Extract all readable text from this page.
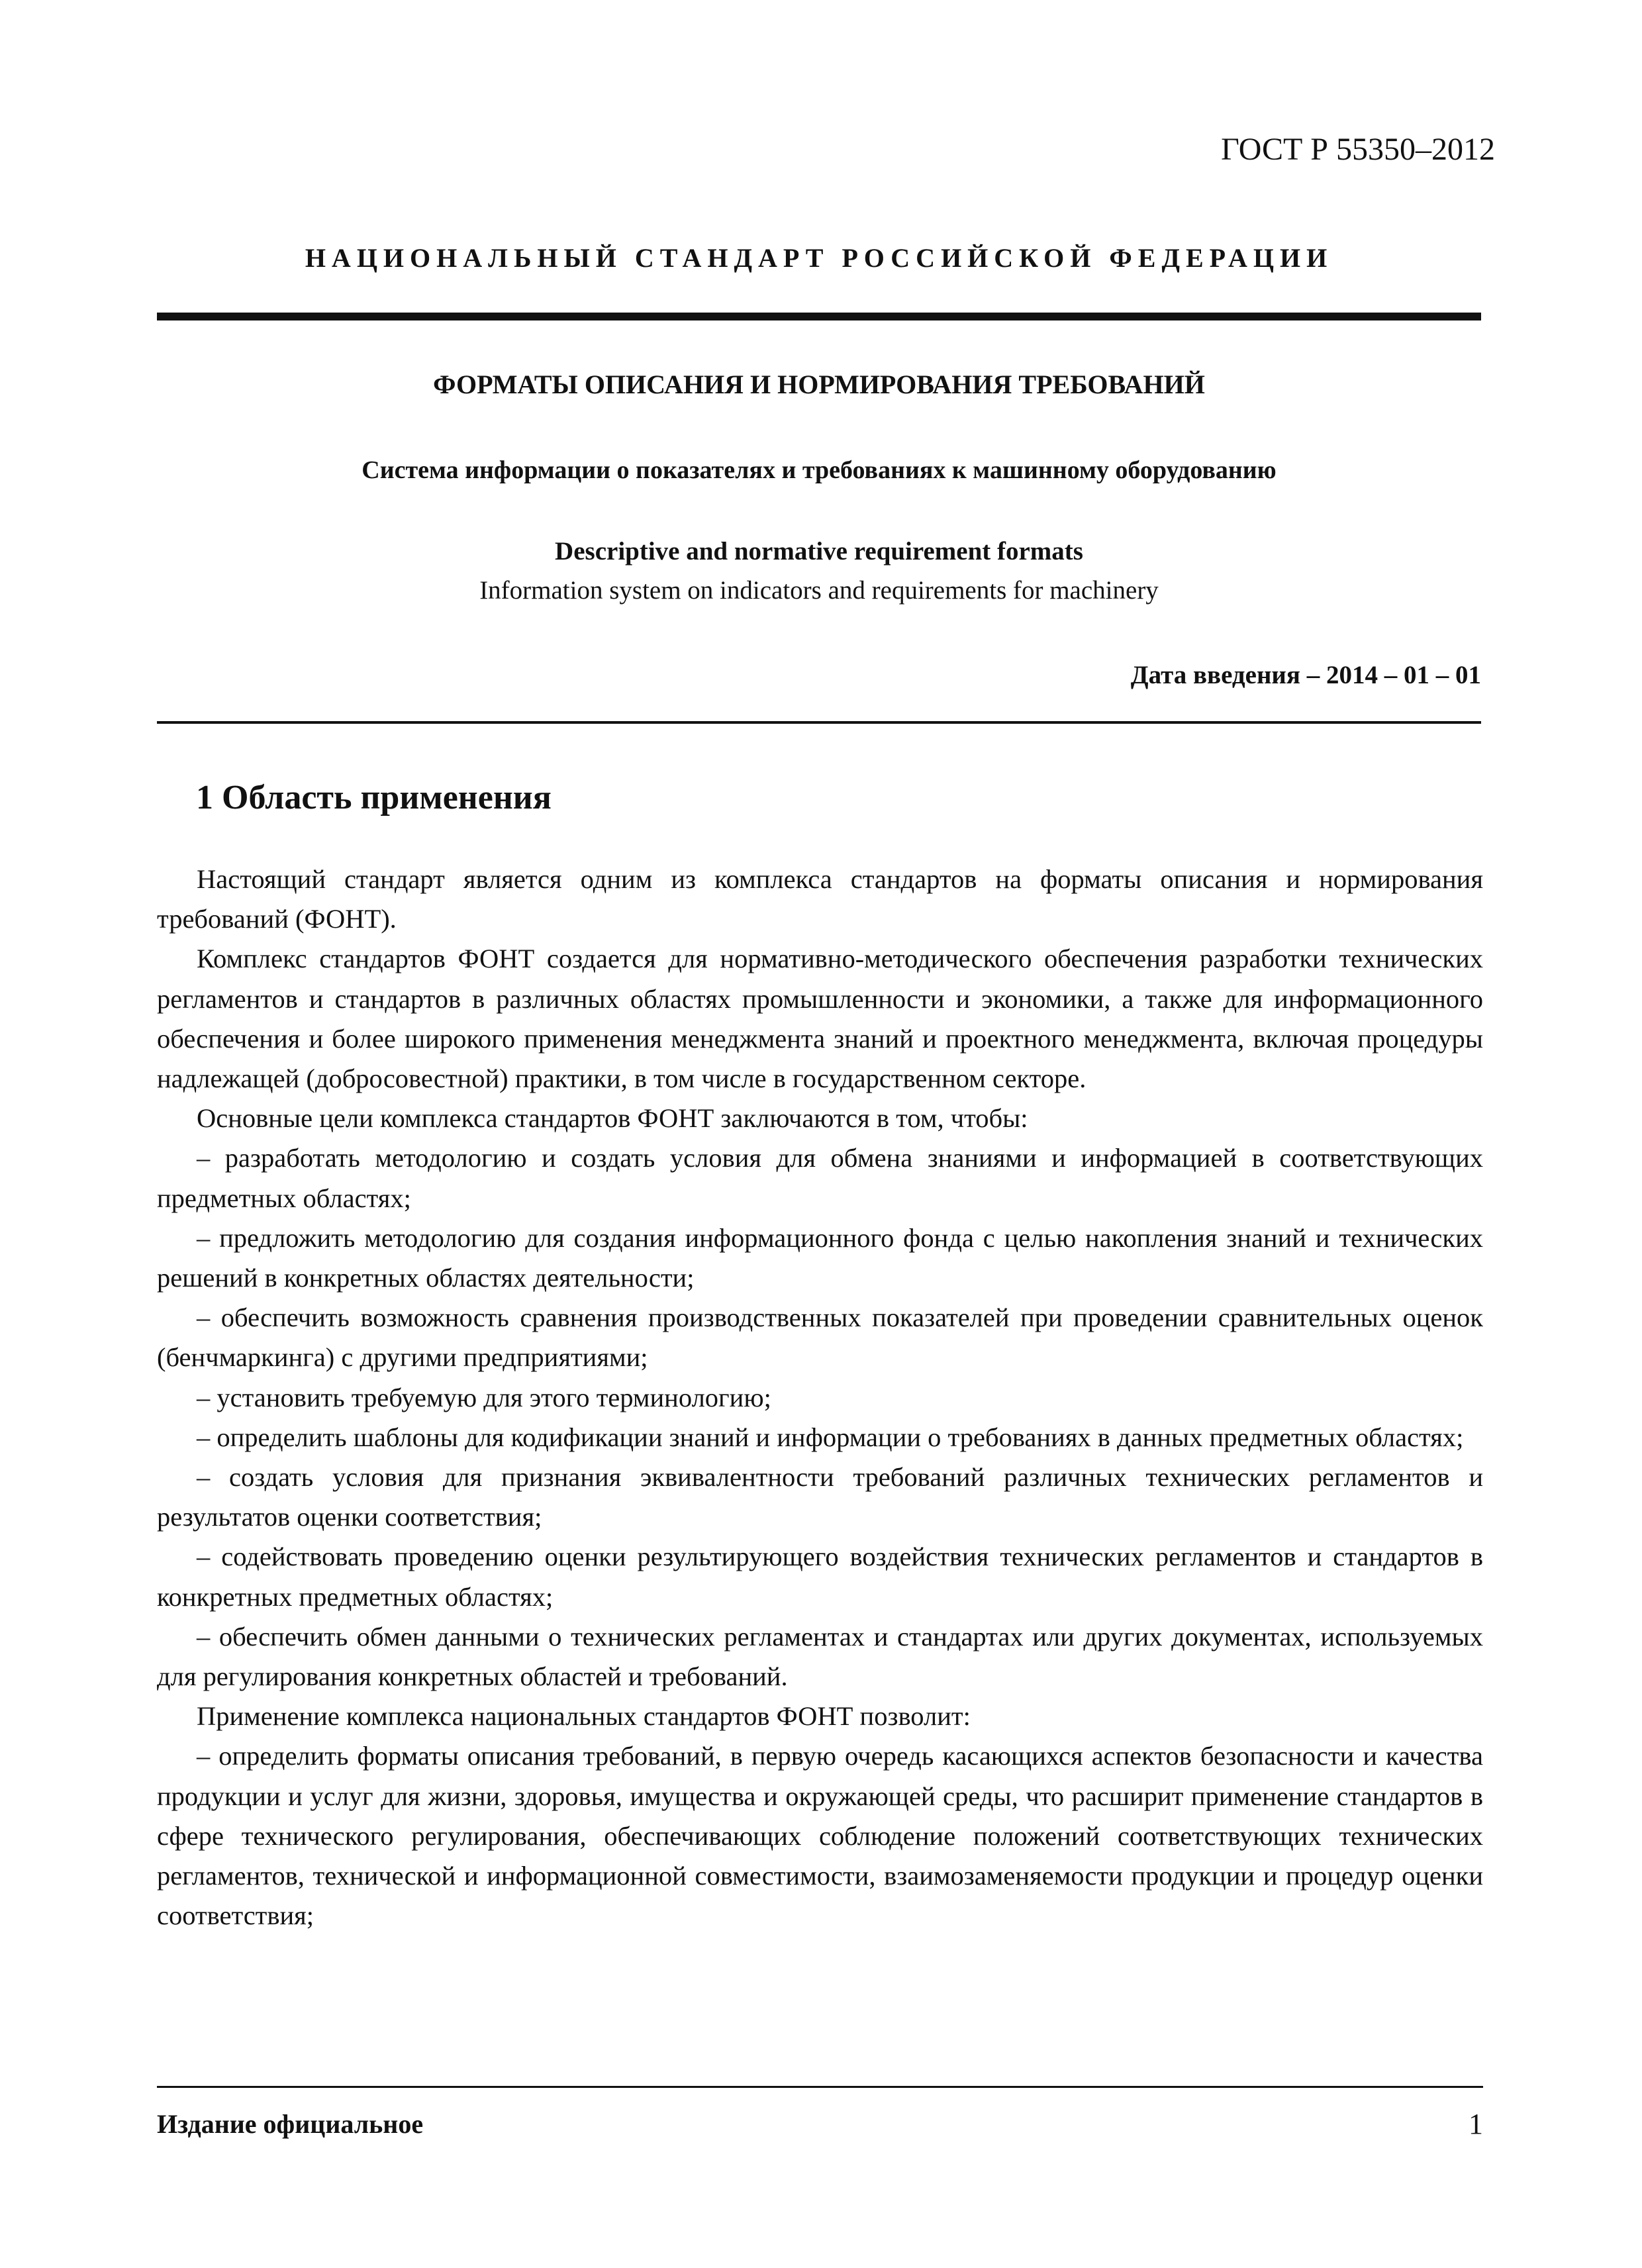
ГОСТ Р 55350–2012
НАЦИОНАЛЬНЫЙ СТАНДАРТ РОССИЙСКОЙ ФЕДЕРАЦИИ
ФОРМАТЫ ОПИСАНИЯ И НОРМИРОВАНИЯ ТРЕБОВАНИЙ
Система информации о показателях и требованиях к машинному оборудованию
Descriptive and normative requirement formats
Information system on indicators and requirements for machinery
Дата введения – 2014 – 01 – 01
1 Область применения

Настоящий стандарт является одним из комплекса стандартов на форматы описания и нормирования требований (ФОНТ).

Комплекс стандартов ФОНТ создается для нормативно-методического обеспечения разработки технических регламентов и стандартов в различных областях промышленности и экономики, а также для информационного обеспечения и более широкого применения менеджмента знаний и проектного менеджмента, включая процедуры надлежащей (добросовестной) практики, в том числе в государственном секторе.

Основные цели комплекса стандартов ФОНТ заключаются в том, чтобы:

– разработать методологию и создать условия для обмена знаниями и информацией в соответствующих предметных областях;

– предложить методологию для создания информационного фонда с целью накопления знаний и технических решений в конкретных областях деятельности;

– обеспечить возможность сравнения производственных показателей при проведении сравнительных оценок (бенчмаркинга) с другими предприятиями;

– установить требуемую для этого терминологию;

– определить шаблоны для кодификации знаний и информации о требованиях в данных предметных областях;

– создать условия для признания эквивалентности требований различных технических регламентов и результатов оценки соответствия;

– содействовать проведению оценки результирующего воздействия технических регламентов и стандартов в конкретных предметных областях;

– обеспечить обмен данными о технических регламентах и стандартах или других документах, используемых для регулирования конкретных областей и требований.

Применение комплекса национальных стандартов ФОНТ позволит:

– определить форматы описания требований, в первую очередь касающихся аспектов безопасности и качества продукции и услуг для жизни, здоровья, имущества и окружающей среды, что расширит применение стандартов в сфере технического регулирования, обеспечивающих соблюдение положений соответствующих технических регламентов, технической и информационной совместимости, взаимозаменяемости продукции и процедур оценки соответствия;

Издание официальное	1
